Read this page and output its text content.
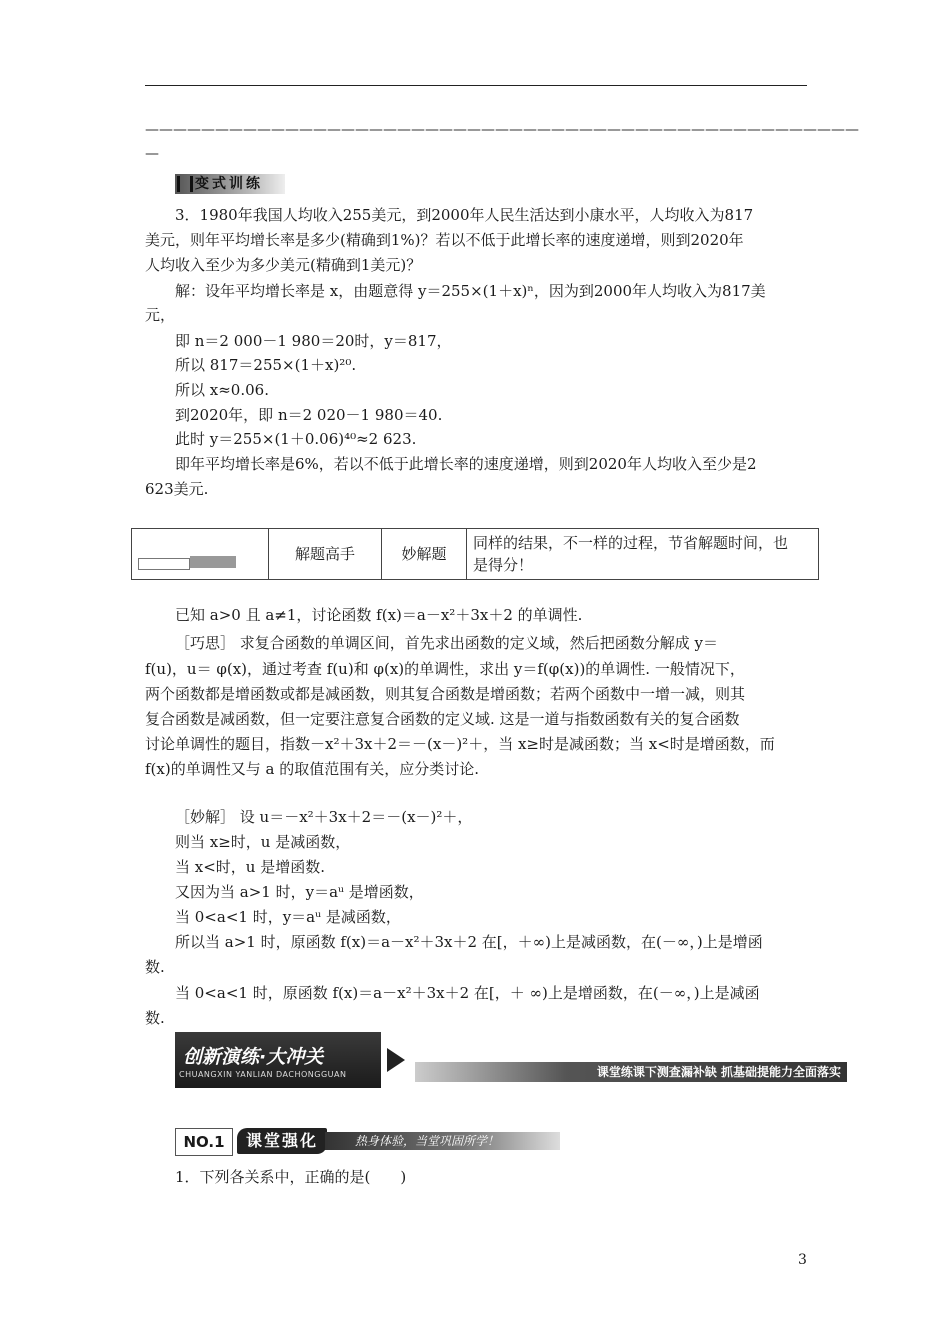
———————————————————————————————————————————————————
—
变式训练
3．1980年我国人均收入255美元，到2000年人民生活达到小康水平，人均收入为817
美元，则年平均增长率是多少(精确到1%)？若以不低于此增长率的速度递增，则到2020年
人均收入至少为多少美元(精确到1美元)？
解：设年平均增长率是 x，由题意得 y＝255×(1＋x)ⁿ，因为到2000年人均收入为817美
元，
即 n＝2 000－1 980＝20时，y＝817，
所以 817＝255×(1＋x)²⁰.
所以 x≈0.06.
到2020年，即 n＝2 020－1 980＝40.
此时 y＝255×(1＋0.06)⁴⁰≈2 623.
即年平均增长率是6%，若以不低于此增长率的速度递增，则到2020年人均收入至少是2
623美元.
	解题高手	妙解题	
同样的结果，不一样的过程，节省解题时间，也
是得分！
已知 a>0 且 a≠1，讨论函数 f(x)＝a－x²＋3x＋2 的单调性.
［巧思］ 求复合函数的单调区间，首先求出函数的定义域，然后把函数分解成 y＝
f(u)，u＝ φ(x)，通过考查 f(u)和 φ(x)的单调性，求出 y＝f(φ(x))的单调性. 一般情况下，
两个函数都是增函数或都是减函数，则其复合函数是增函数；若两个函数中一增一减，则其
复合函数是减函数，但一定要注意复合函数的定义域. 这是一道与指数函数有关的复合函数
讨论单调性的题目，指数－x²＋3x＋2＝－(x－)²＋，当 x≥时是减函数；当 x<时是增函数，而
f(x)的单调性又与 a 的取值范围有关，应分类讨论.
［妙解］ 设 u＝－x²＋3x＋2＝－(x－)²＋，
则当 x≥时，u 是减函数，
当 x<时，u 是增函数.
又因为当 a>1 时，y＝aᵘ 是增函数，
当 0<a<1 时，y＝aᵘ 是减函数，
所以当 a>1 时，原函数 f(x)＝a－x²＋3x＋2 在[，＋∞)上是减函数，在(－∞，)上是增函
数.
当 0<a<1 时，原函数 f(x)＝a－x²＋3x＋2 在[，＋ ∞)上是增函数，在(－∞，)上是减函
数.
创新演练·大冲关
CHUANGXIN YANLIAN DACHONGGUAN	课堂练课下测查漏补缺 抓基础提能力全面落实
NO.1	课堂强化	热身体验，当堂巩固所学！
1．下列各关系中，正确的是(　　)
3
